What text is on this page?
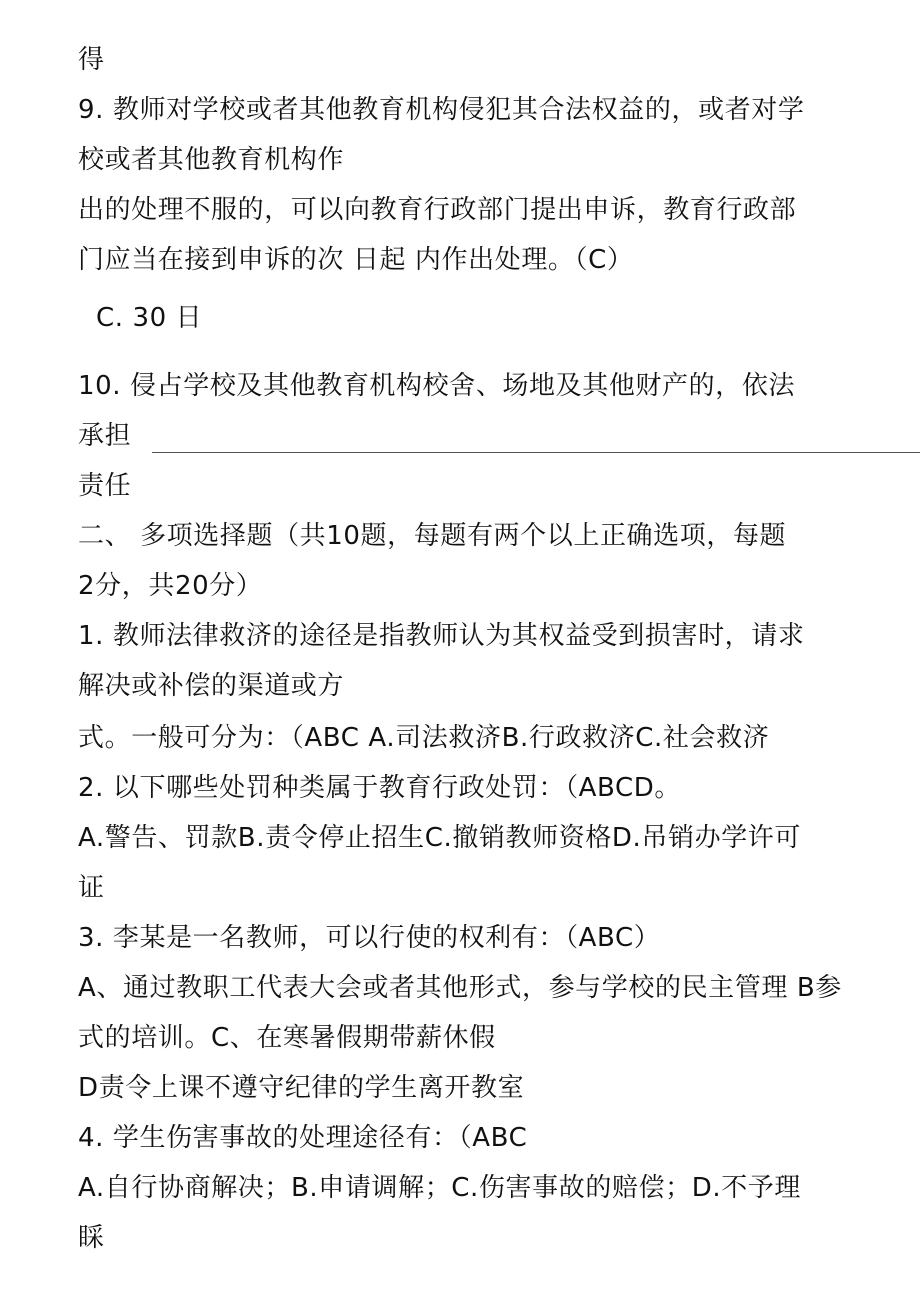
得
9. 教师对学校或者其他教育机构侵犯其合法权益的，或者对学
校或者其他教育机构作
出的处理不服的，可以向教育行政部门提出申诉，教育行政部
门应当在接到申诉的次 日起 内作出处理。（C）
C. 30 日
10. 侵占学校及其他教育机构校舍、场地及其他财产的，依法
承担
责任
二、 多项选择题（共10题，每题有两个以上正确选项，每题
2分，共20分）
1. 教师法律救济的途径是指教师认为其权益受到损害时，请求
解决或补偿的渠道或方
式。一般可分为：（ABC A.司法救济B.行政救济C.社会救济
2. 以下哪些处罚种类属于教育行政处罚：（ABCD。
A.警告、罚款B.责令停止招生C.撤销教师资格D.吊销办学许可
证
3. 李某是一名教师，可以行使的权利有：（ABC）
A、通过教职工代表大会或者其他形式，参与学校的民主管理 B参
式的培训。C、在寒暑假期带薪休假
D责令上课不遵守纪律的学生离开教室
4. 学生伤害事故的处理途径有：（ABC
A.自行协商解决；B.申请调解；C.伤害事故的赔偿；D.不予理
睬
